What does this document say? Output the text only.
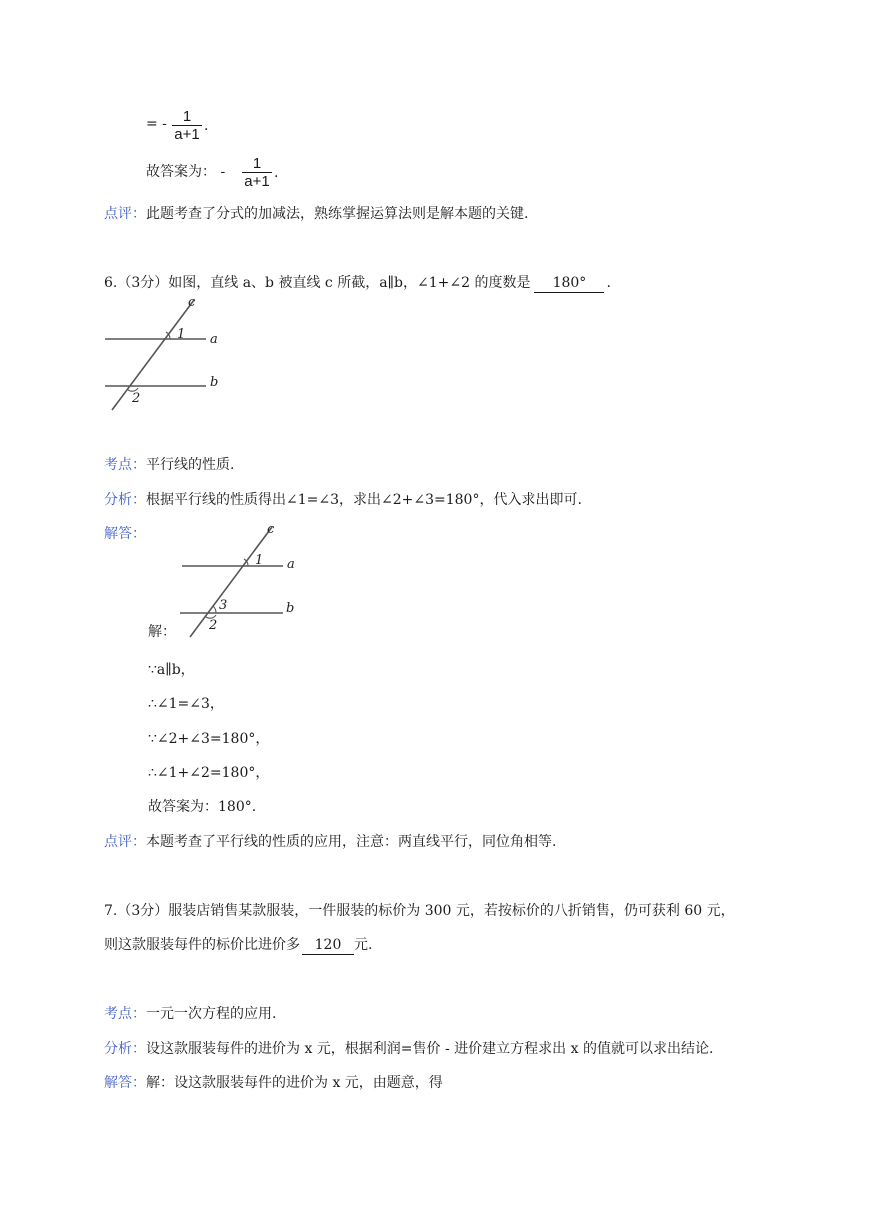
= - 1
a+1 .
故答案为： - 1
a+1 .
点评：此题考查了分式的加减法，熟练掌握运算法则是解本题的关键.
6.（3分）如图，直线 a、b 被直线 c 所截，a∥b，∠1+∠2 的度数是 180° .
c
1 a
b
2
考点：平行线的性质.
分析：根据平行线的性质得出∠1=∠3，求出∠2+∠3=180°，代入求出即可.
解答：	c
1 a
3	b
2
解：
∵a∥b，
∴∠1=∠3，
∵∠2+∠3=180°，
∴∠1+∠2=180°，
故答案为：180°.
点评：本题考查了平行线的性质的应用，注意：两直线平行，同位角相等.
7.（3分）服装店销售某款服装，一件服装的标价为 300 元，若按标价的八折销售，仍可获利 60 元，
则这款服装每件的标价比进价多 120 元.
考点：一元一次方程的应用.
分析：设这款服装每件的进价为 x 元，根据利润=售价 - 进价建立方程求出 x 的值就可以求出结论.
解答：解：设这款服装每件的进价为 x 元，由题意，得
